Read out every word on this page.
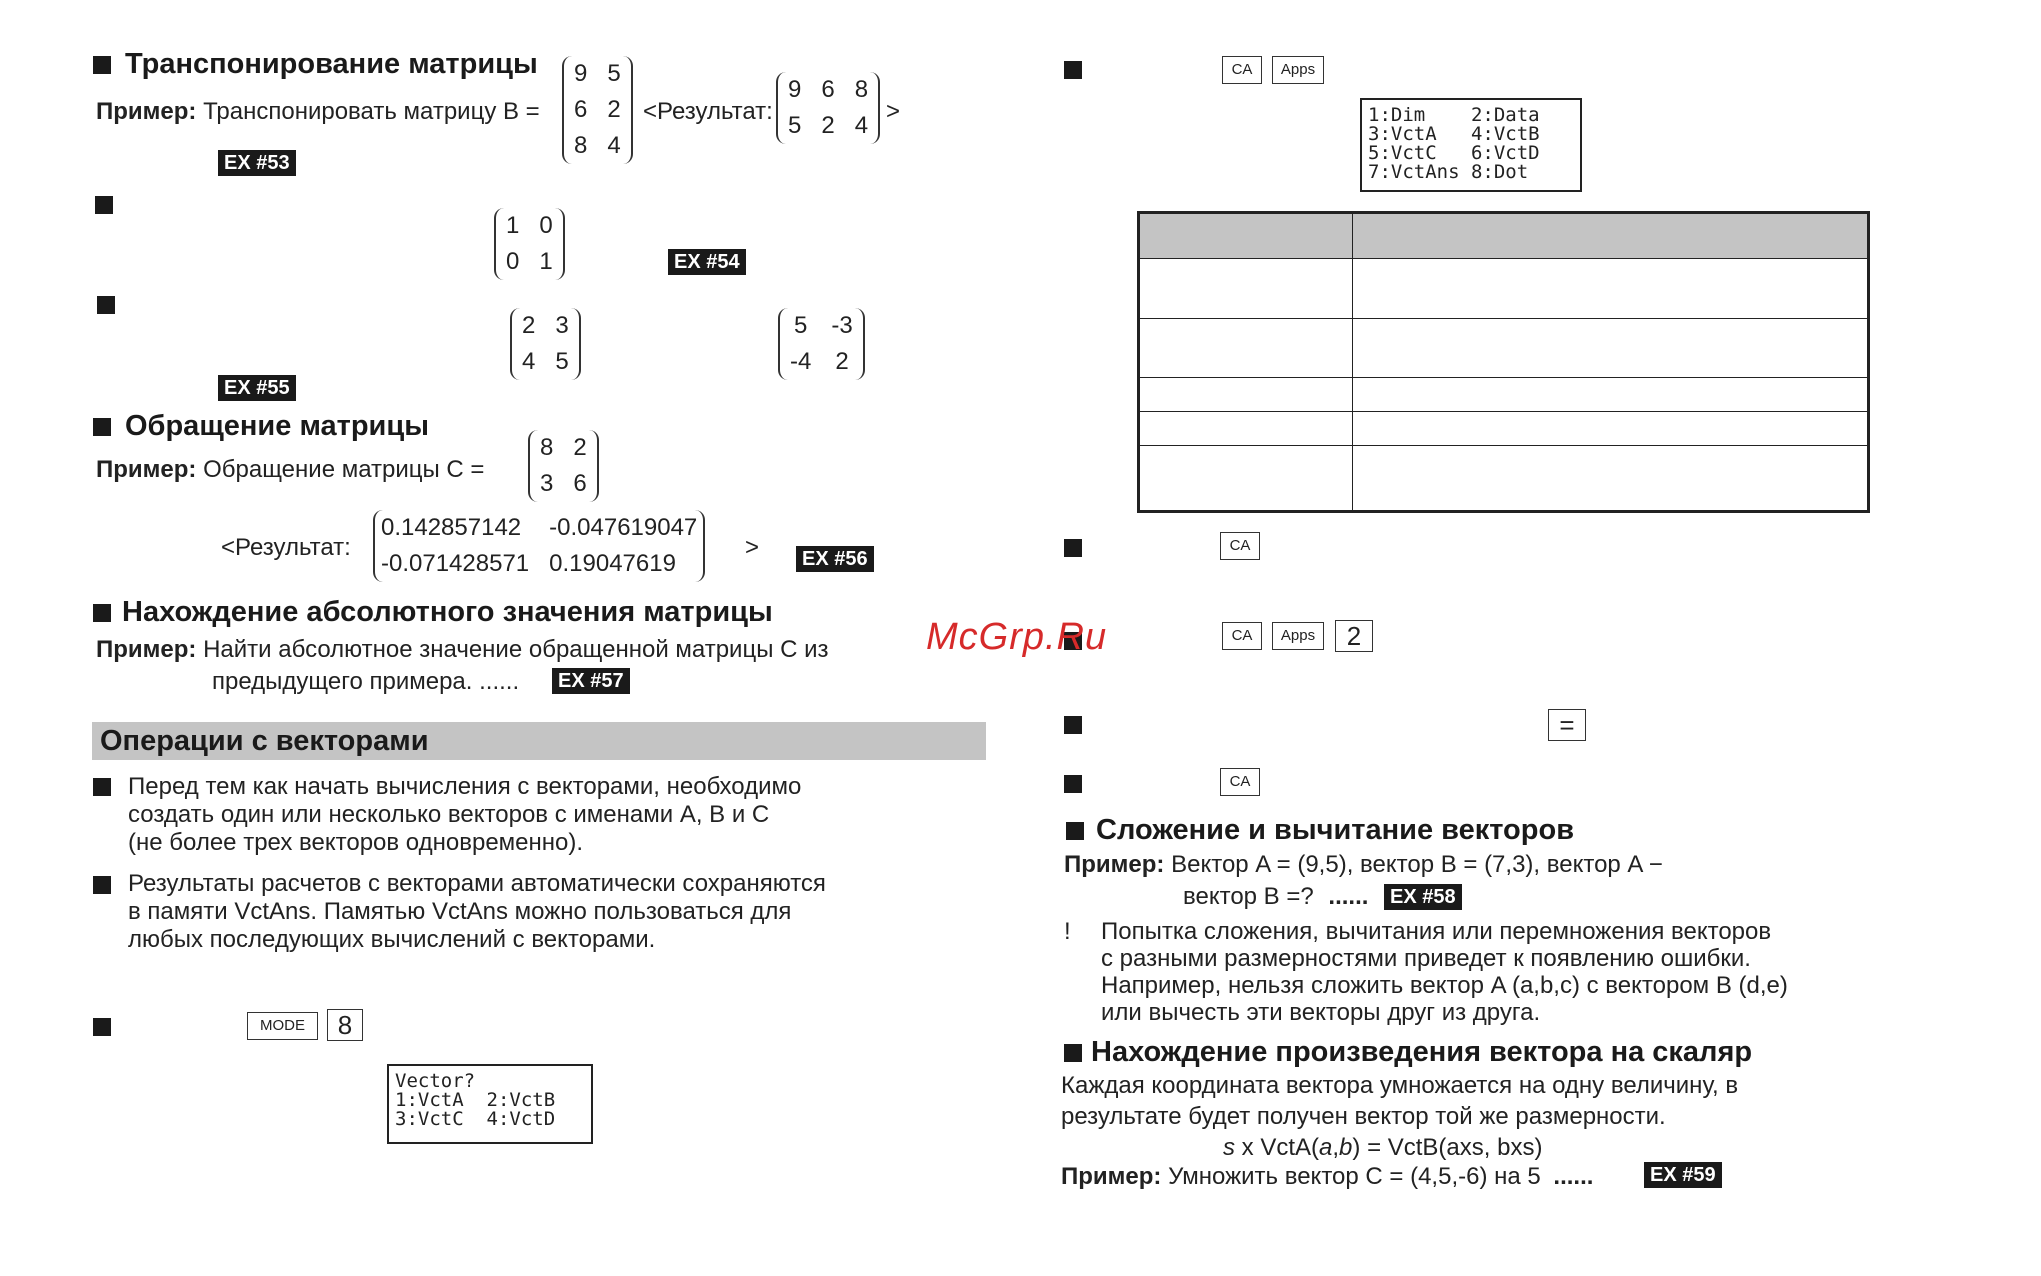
Транспонирование матрицы
Пример: Транспонировать матрицу B =
9	5
6	2
8	4
<Результат:
9	6	8
5	2	4
>
EX #53
1	0
0	1	EX #54
2	3
4	5
5	-3
-4	2
EX #55
Обращение матрицы
Пример: Обращение матрицы C =
8	2
3	6
<Результат:
0.142857142	-0.047619047
-0.071428571	0.19047619
>	EX #56
Нахождение абсолютного значения матрицы
Пример: Найти абсолютное значение обращенной матрицы C из
предыдущего примера. ......	EX #57
Операции с векторами
Перед тем как начать вычисления с векторами, необходимо
создать один или несколько векторов с именами A, B и C
(не более трех векторов одновременно).
Результаты расчетов с векторами автоматически сохраняются
в памяти VctAns. Памятью VctAns можно пользоваться для
любых последующих вычислений с векторами.
MODE	8
Vector?
1:VctA  2:VctB
3:VctC  4:VctD
CA	Apps
1:Dim    2:Data
3:VctA   4:VctB
5:VctC   6:VctD
7:VctAns 8:Dot

CA
CA	Apps	2
=
CA
Сложение и вычитание векторов
Пример: Вектор A = (9,5), вектор B = (7,3), вектор A −
вектор B =? ......	EX #58
! Попытка сложения, вычитания или перемножения векторов
с разными размерностями приведет к появлению ошибки.
Например, нельзя сложить вектор A (a,b,c) с вектором B (d,e)
или вычесть эти векторы друг из друга.
Нахождение произведения вектора на скаляр
Каждая координата вектора умножается на одну величину, в
результате будет получен вектор той же размерности.
s x VctA(a,b) = VctB(axs, bxs)
Пример: Умножить вектор C = (4,5,-6) на 5 ......	EX #59
McGrp.Ru
